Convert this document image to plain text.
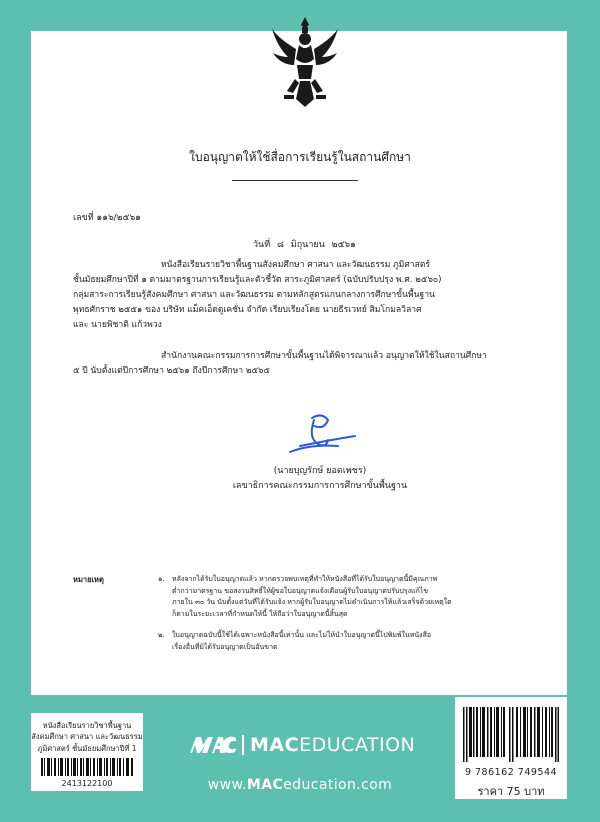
ใบอนุญาตให้ใช้สื่อการเรียนรู้ในสถานศึกษา
เลขที่ ๑๑๖/๒๕๖๑
วันที่ ๘ มิถุนายน ๒๕๖๑
หนังสือเรียนรายวิชาพื้นฐานสังคมศึกษา ศาสนา และวัฒนธรรม ภูมิศาสตร์
ชั้นมัธยมศึกษาปีที่ ๑ ตามมาตรฐานการเรียนรู้และตัวชี้วัด สาระภูมิศาสตร์ (ฉบับปรับปรุง พ.ศ. ๒๕๖๐)
กลุ่มสาระการเรียนรู้สังคมศึกษา ศาสนา และวัฒนธรรม ตามหลักสูตรแกนกลางการศึกษาขั้นพื้นฐาน
พุทธศักราช ๒๕๕๑ ของ บริษัท แม็คเอ็ดดูเคชั่น จำกัด เรียบเรียงโดย นายธีรเวทย์ สิมโกมลวิลาศ
และ นายพิชาติ แก้วพวง
สำนักงานคณะกรรมการการศึกษาขั้นพื้นฐานได้พิจารณาแล้ว อนุญาตให้ใช้ในสถานศึกษา
๕ ปี นับตั้งแต่ปีการศึกษา ๒๕๖๑ ถึงปีการศึกษา ๒๕๖๕
(นายบุญรักษ์ ยอดเพชร)
เลขาธิการคณะกรรมการการศึกษาขั้นพื้นฐาน
หมายเหตุ	๑. หลังจากได้รับใบอนุญาตแล้ว หากตรวจพบเหตุที่ทำให้หนังสือที่ได้รับใบอนุญาตนี้มีคุณภาพ
ต่ำกว่ามาตรฐาน ขอสงวนสิทธิ์ให้ผู้ขอใบอนุญาตแจ้งเตือนผู้รับใบอนุญาตปรับปรุงแก้ไข
ภายใน ๓๐ วัน นับตั้งแต่วันที่ได้รับแจ้ง หากผู้รับใบอนุญาตไม่ดำเนินการให้แล้วเสร็จด้วยเหตุใด
ก็ตามในระยะเวลาที่กำหนดให้นี้ ให้ถือว่าใบอนุญาตนี้สิ้นสุด
๒. ใบอนุญาตฉบับนี้ใช้ได้เฉพาะหนังสือนี้เท่านั้น และไม่ให้นำใบอนุญาตนี้ไปพิมพ์ในหนังสือ
เรื่องอื่นที่มิได้รับอนุญาตเป็นอันขาด
หนังสือเรียนรายวิชาพื้นฐาน
สังคมศึกษา ศาสนา และวัฒนธรรม
ภูมิศาสตร์ ชั้นมัธยมศึกษาปีที่ 1
2413122100
MACEDUCATION
www.MACeducation.com
9 786162 749544
ราคา 75 บาท
